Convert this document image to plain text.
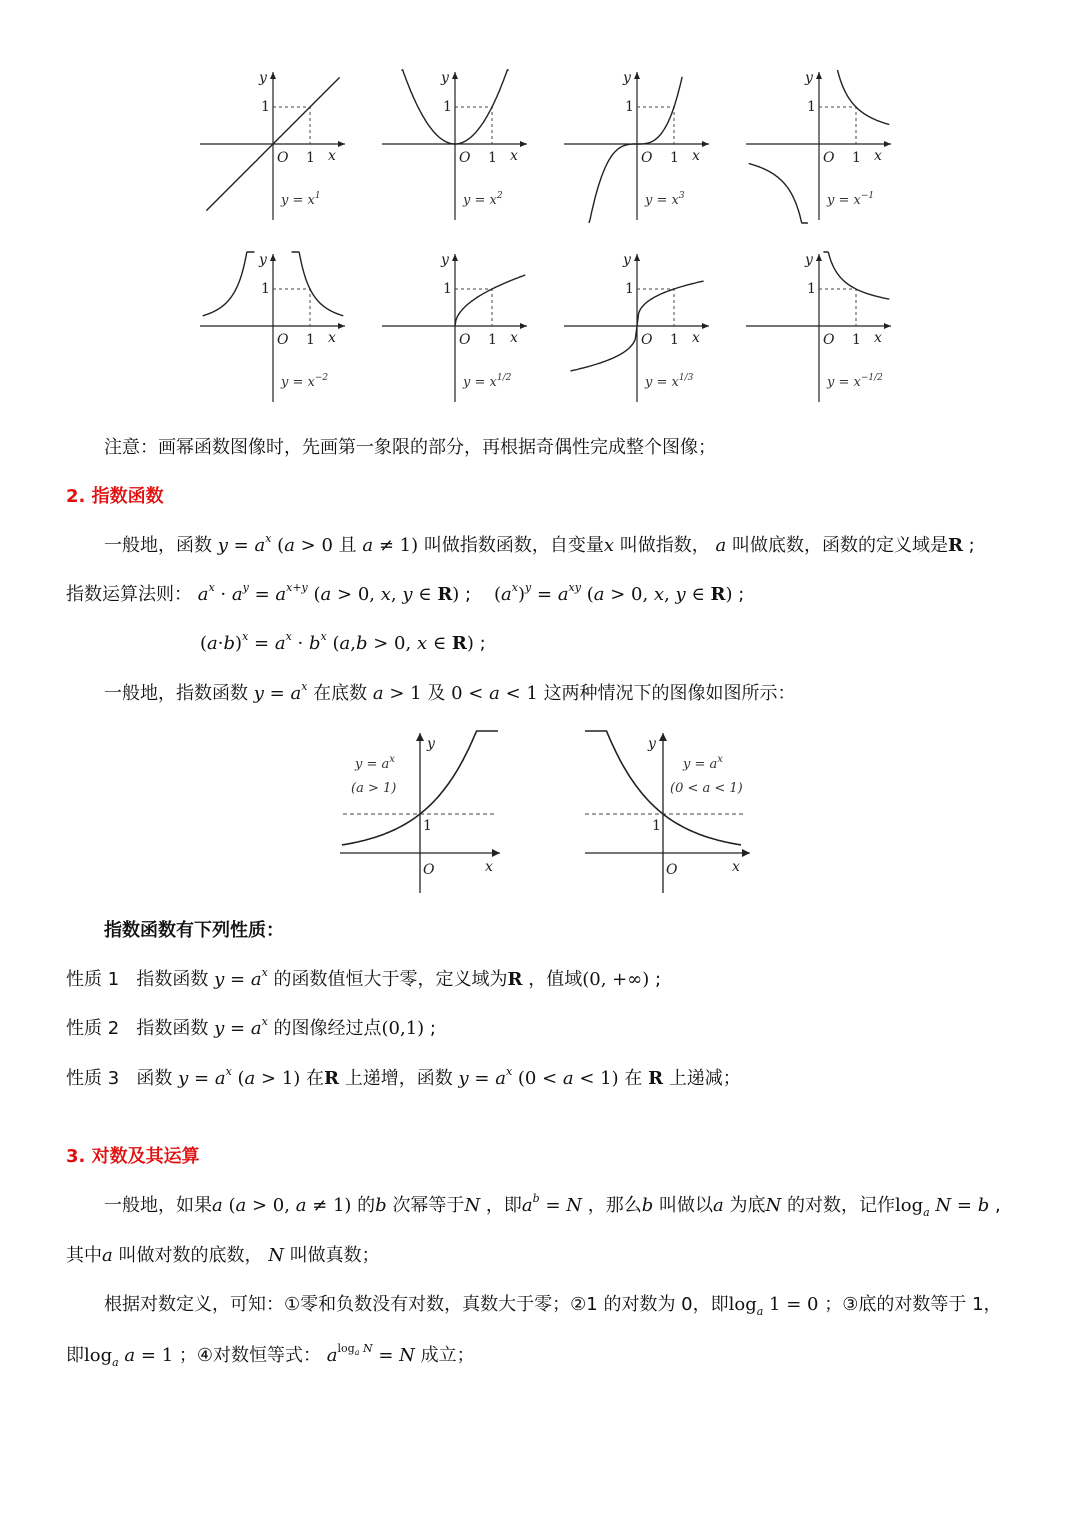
y
1
O 1 x
$y = x^1$
y
1
O 1 x
$y = x^2$
y
1
O 1 x
$y = x^3$
y
1
O 1 x
$y = x^{-1}$
y
1
O 1 x
$y = x^{-2}$
y
1
O 1 x
$y = x^{1/2}$
y
1
O 1 x
$y = x^{1/3}$
y
1
O 1 x
$y = x^{-1/2}$
注意：画幂函数图像时，先画第一象限的部分，再根据奇偶性完成整个图像；
2. 指数函数
一般地，函数 $y = a^x$ (a > 0 且 a ≠ 1) 叫做指数函数，自变量x 叫做指数， a 叫做底数，函数的定义域是R ;
指数运算法则： $a^x \cdot a^y = a^{x+y}$ (a > 0, x, y ∈ R) ;    $(a^x)^y = a^{xy}$ (a > 0, x, y ∈ R) ;
$(a\cdot b)^x = a^x \cdot b^x$ (a,b > 0, x ∈ R) ;
一般地，指数函数 $y = a^x$ 在底数 a > 1 及 0 < a < 1 这两种情况下的图像如图所示：
y
x
O
1
$y = a^x$
(a > 1)
y
x
O
1
$y = a^x$
(0 < a < 1)
指数函数有下列性质：
性质 1 指数函数 $y = a^x$ 的函数值恒大于零，定义域为R ，值域(0, +∞) ;
性质 2 指数函数 $y = a^x$ 的图像经过点(0,1) ;
性质 3 函数 $y = a^x$ (a > 1) 在R 上递增，函数 $y = a^x$ (0 < a < 1) 在 R 上递减；
3. 对数及其运算
一般地，如果a (a > 0, a ≠ 1) 的b 次幂等于N ，即$a^b = N$ ，那么b 叫做以a 为底N 的对数，记作$\log_a N = b$ ,
其中a 叫做对数的底数， N 叫做真数；
根据对数定义，可知：①零和负数没有对数，真数大于零；②1 的对数为 0，即$\log_a 1 = 0$ ；③底的对数等于 1，
即$\log_a a = 1$ ；④对数恒等式： $a^{log_a N} = N$ 成立；
